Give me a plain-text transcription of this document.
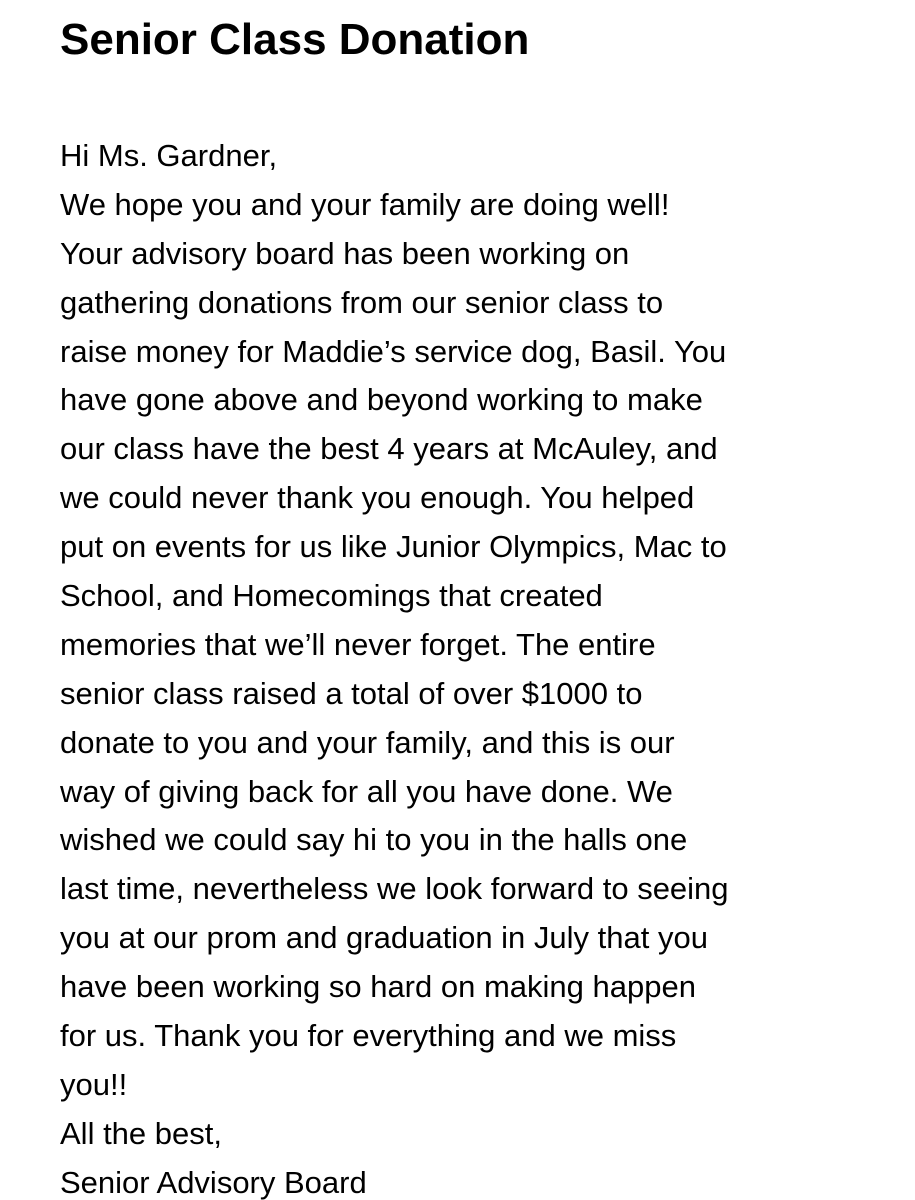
Senior Class Donation
Hi Ms. Gardner,
We hope you and your family are doing well!
Your advisory board has been working on
gathering donations from our senior class to
raise money for Maddie’s service dog, Basil. You
have gone above and beyond working to make
our class have the best 4 years at McAuley, and
we could never thank you enough. You helped
put on events for us like Junior Olympics, Mac to
School, and Homecomings that created
memories that we’ll never forget. The entire
senior class raised a total of over $1000 to
donate to you and your family, and this is our
way of giving back for all you have done. We
wished we could say hi to you in the halls one
last time, nevertheless we look forward to seeing
you at our prom and graduation in July that you
have been working so hard on making happen
for us. Thank you for everything and we miss
you!!
All the best,
Senior Advisory Board
